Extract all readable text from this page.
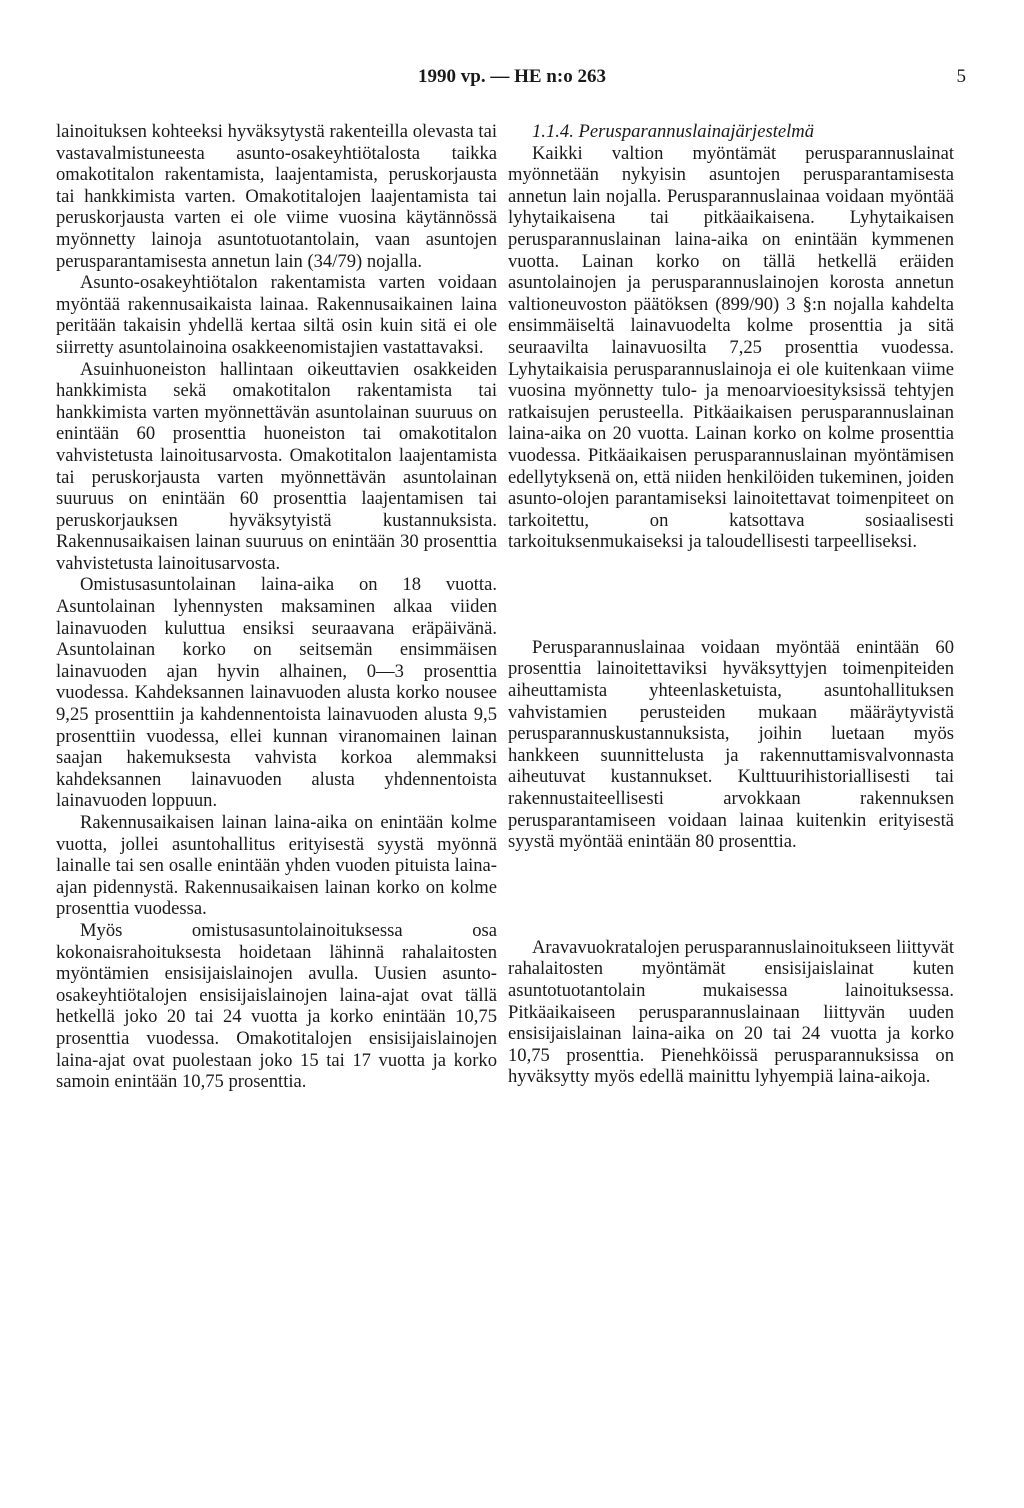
1990 vp. — HE n:o 263	5

lainoituksen kohteeksi hyväksytystä rakenteilla olevasta tai vastavalmistuneesta asunto-osakeyhtiötalosta taikka omakotitalon rakentamista, laajentamista, peruskorjausta tai hankkimista varten. Omakotitalojen laajentamista tai peruskorjausta varten ei ole viime vuosina käytännössä myönnetty lainoja asuntotuotantolain, vaan asuntojen perusparantamisesta annetun lain (34/79) nojalla.

Asunto-osakeyhtiötalon rakentamista varten voidaan myöntää rakennusaikaista lainaa. Rakennusaikainen laina peritään takaisin yhdellä kertaa siltä osin kuin sitä ei ole siirretty asuntolainoina osakkeenomistajien vastattavaksi.

Asuinhuoneiston hallintaan oikeuttavien osakkeiden hankkimista sekä omakotitalon rakentamista tai hankkimista varten myönnettävän asuntolainan suuruus on enintään 60 prosenttia huoneiston tai omakotitalon vahvistetusta lainoitusarvosta. Omakotitalon laajentamista tai peruskorjausta varten myönnettävän asuntolainan suuruus on enintään 60 prosenttia laajentamisen tai peruskorjauksen hyväksytyistä kustannuksista. Rakennusaikaisen lainan suuruus on enintään 30 prosenttia vahvistetusta lainoitusarvosta.

Omistusasuntolainan laina-aika on 18 vuotta. Asuntolainan lyhennysten maksaminen alkaa viiden lainavuoden kuluttua ensiksi seuraavana eräpäivänä. Asuntolainan korko on seitsemän ensimmäisen lainavuoden ajan hyvin alhainen, 0—3 prosenttia vuodessa. Kahdeksannen lainavuoden alusta korko nousee 9,25 prosenttiin ja kahdennentoista lainavuoden alusta 9,5 prosenttiin vuodessa, ellei kunnan viranomainen lainan saajan hakemuksesta vahvista korkoa alemmaksi kahdeksannen lainavuoden alusta yhdennentoista lainavuoden loppuun.

Rakennusaikaisen lainan laina-aika on enintään kolme vuotta, jollei asuntohallitus erityisestä syystä myönnä lainalle tai sen osalle enintään yhden vuoden pituista laina-ajan pidennystä. Rakennusaikaisen lainan korko on kolme prosenttia vuodessa.

Myös omistusasuntolainoituksessa osa kokonaisrahoituksesta hoidetaan lähinnä rahalaitosten myöntämien ensisijaislainojen avulla. Uusien asunto-osakeyhtiötalojen ensisijaislainojen laina-ajat ovat tällä hetkellä joko 20 tai 24 vuotta ja korko enintään 10,75 prosenttia vuodessa. Omakotitalojen ensisijaislainojen laina-ajat ovat puolestaan joko 15 tai 17 vuotta ja korko samoin enintään 10,75 prosenttia.

1.1.4. Perusparannuslainajärjestelmä

Kaikki valtion myöntämät perusparannuslainat myönnetään nykyisin asuntojen perusparantamisesta annetun lain nojalla. Perusparannuslainaa voidaan myöntää lyhytaikaisena tai pitkäaikaisena. Lyhytaikaisen perusparannuslainan laina-aika on enintään kymmenen vuotta. Lainan korko on tällä hetkellä eräiden asuntolainojen ja perusparannuslainojen korosta annetun valtioneuvoston päätöksen (899/90) 3 §:n nojalla kahdelta ensimmäiseltä lainavuodelta kolme prosenttia ja sitä seuraavilta lainavuosilta 7,25 prosenttia vuodessa. Lyhytaikaisia perusparannuslainoja ei ole kuitenkaan viime vuosina myönnetty tulo- ja menoarvioesityksissä tehtyjen ratkaisujen perusteella. Pitkäaikaisen perusparannuslainan laina-aika on 20 vuotta. Lainan korko on kolme prosenttia vuodessa. Pitkäaikaisen perusparannuslainan myöntämisen edellytyksenä on, että niiden henkilöiden tukeminen, joiden asunto-olojen parantamiseksi lainoitettavat toimenpiteet on tarkoitettu, on katsottava sosiaalisesti tarkoituksenmukaiseksi ja taloudellisesti tarpeelliseksi.

Perusparannuslainaa voidaan myöntää enintään 60 prosenttia lainoitettaviksi hyväksyttyjen toimenpiteiden aiheuttamista yhteenlasketuista, asuntohallituksen vahvistamien perusteiden mukaan määräytyvistä perusparannuskustannuksista, joihin luetaan myös hankkeen suunnittelusta ja rakennuttamisvalvonnasta aiheutuvat kustannukset. Kulttuurihistoriallisesti tai rakennustaiteellisesti arvokkaan rakennuksen perusparantamiseen voidaan lainaa kuitenkin erityisestä syystä myöntää enintään 80 prosenttia.

Aravavuokratalojen perusparannuslainoitukseen liittyvät rahalaitosten myöntämät ensisijaislainat kuten asuntotuotantolain mukaisessa lainoituksessa. Pitkäaikaiseen perusparannuslainaan liittyvän uuden ensisijaislainan laina-aika on 20 tai 24 vuotta ja korko 10,75 prosenttia. Pienehköissä perusparannuksissa on hyväksytty myös edellä mainittu lyhyempiä laina-aikoja.
